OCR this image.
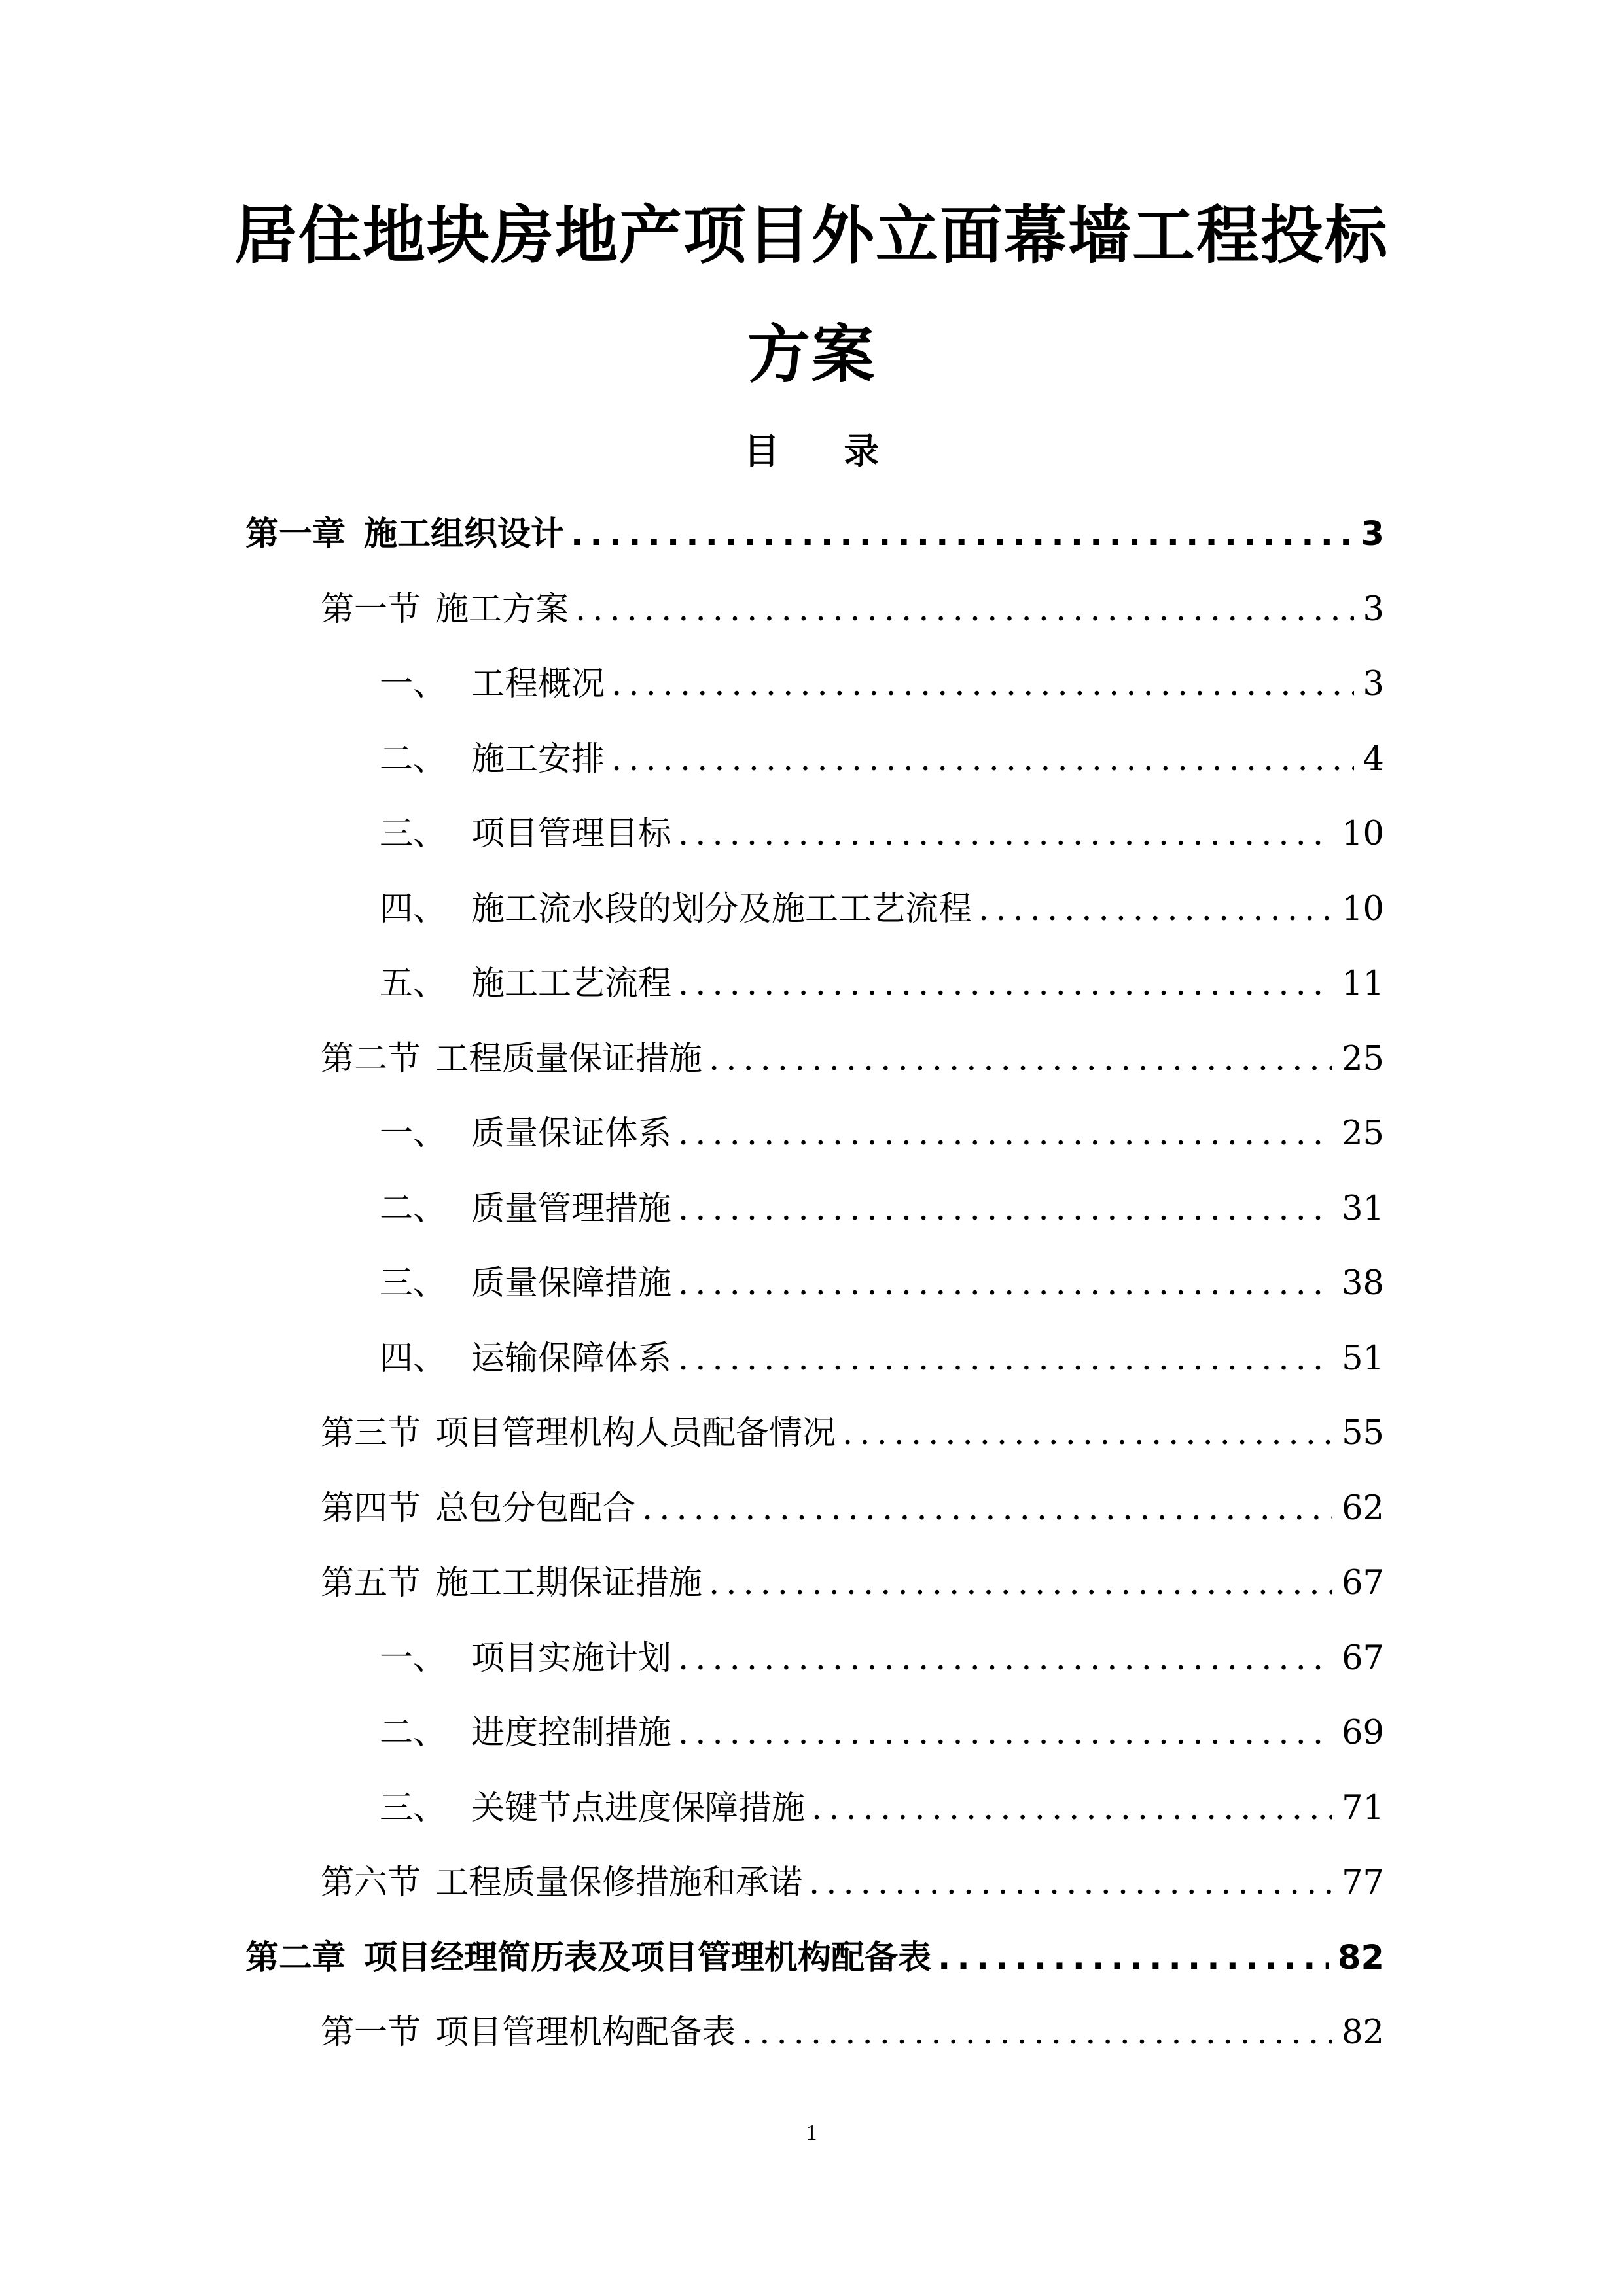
居住地块房地产项目外立面幕墙工程投标
方案
目 录
第一章 施工组织设计 .....	3
第一节 施工方案 .....	3
一、 工程概况 .....	3
二、 施工安排 .....	4
三、 项目管理目标 .....	10
四、 施工流水段的划分及施工工艺流程 .....	10
五、 施工工艺流程 .....	11
第二节 工程质量保证措施 .....	25
一、 质量保证体系 .....	25
二、 质量管理措施 .....	31
三、 质量保障措施 .....	38
四、 运输保障体系 .....	51
第三节 项目管理机构人员配备情况 .....	55
第四节 总包分包配合 .....	62
第五节 施工工期保证措施 .....	67
一、 项目实施计划 .....	67
二、 进度控制措施 .....	69
三、 关键节点进度保障措施 .....	71
第六节 工程质量保修措施和承诺 .....	77
第二章 项目经理简历表及项目管理机构配备表 .....	82
第一节 项目管理机构配备表 .....	82
1
